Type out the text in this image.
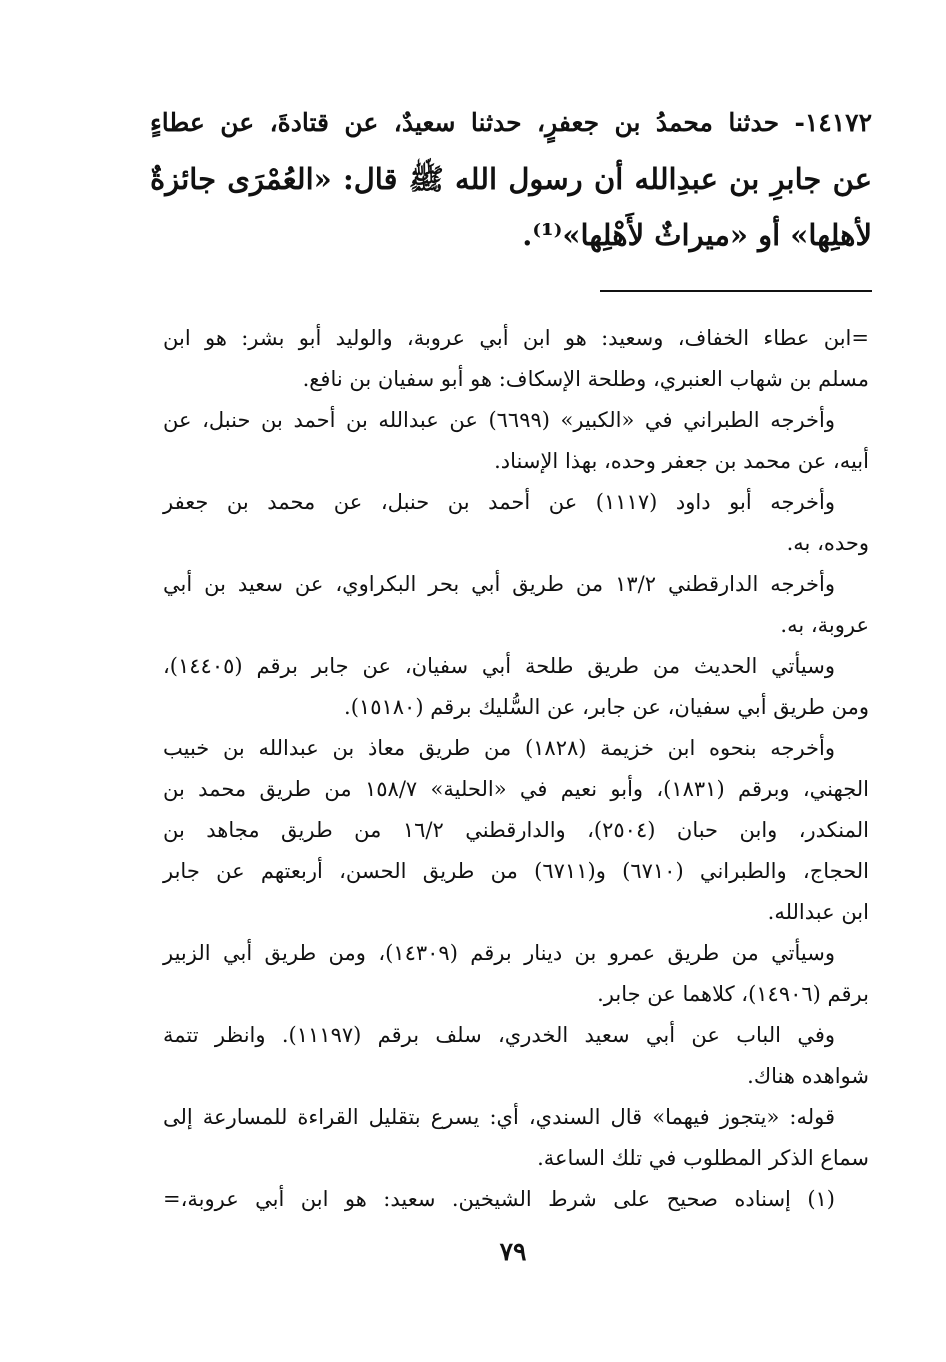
١٤١٧٢- حدثنا محمدُ بن جعفرٍ، حدثنا سعيدٌ، عن قتادةَ، عن عطاءٍ
عن جابرِ بن عبدِالله أن رسول الله ﷺ قال: «العُمْرَى جائزةٌ
لأهلِها» أو «ميراثٌ لأَهْلِها»⁽¹⁾.
=ابن عطاء الخفاف، وسعيد: هو ابن أبي عروبة، والوليد أبو بشر: هو ابن
مسلم بن شهاب العنبري، وطلحة الإسكاف: هو أبو سفيان بن نافع.
وأخرجه الطبراني في «الكبير» (٦٦٩٩) عن عبدالله بن أحمد بن حنبل، عن
أبيه، عن محمد بن جعفر وحده، بهذا الإسناد.
وأخرجه أبو داود (١١١٧) عن أحمد بن حنبل، عن محمد بن جعفر
وحده، به.
وأخرجه الدارقطني ١٣/٢ من طريق أبي بحر البكراوي، عن سعيد بن أبي
عروبة، به.
وسيأتي الحديث من طريق طلحة أبي سفيان، عن جابر برقم (١٤٤٠٥)،
ومن طريق أبي سفيان، عن جابر، عن السُّليك برقم (١٥١٨٠).
وأخرجه بنحوه ابن خزيمة (١٨٢٨) من طريق معاذ بن عبدالله بن خبيب
الجهني، وبرقم (١٨٣١)، وأبو نعيم في «الحلية» ١٥٨/٧ من طريق محمد بن
المنكدر، وابن حبان (٢٥٠٤)، والدارقطني ١٦/٢ من طريق مجاهد بن
الحجاج، والطبراني (٦٧١٠) و(٦٧١١) من طريق الحسن، أربعتهم عن جابر
ابن عبدالله.
وسيأتي من طريق عمرو بن دينار برقم (١٤٣٠٩)، ومن طريق أبي الزبير
برقم (١٤٩٠٦)، كلاهما عن جابر.
وفي الباب عن أبي سعيد الخدري، سلف برقم (١١١٩٧). وانظر تتمة
شواهده هناك.
قوله: «يتجوز فيهما» قال السندي، أي: يسرع بتقليل القراءة للمسارعة إلى
سماع الذكر المطلوب في تلك الساعة.
(١) إسناده صحيح على شرط الشيخين. سعيد: هو ابن أبي عروبة،=
٧٩
